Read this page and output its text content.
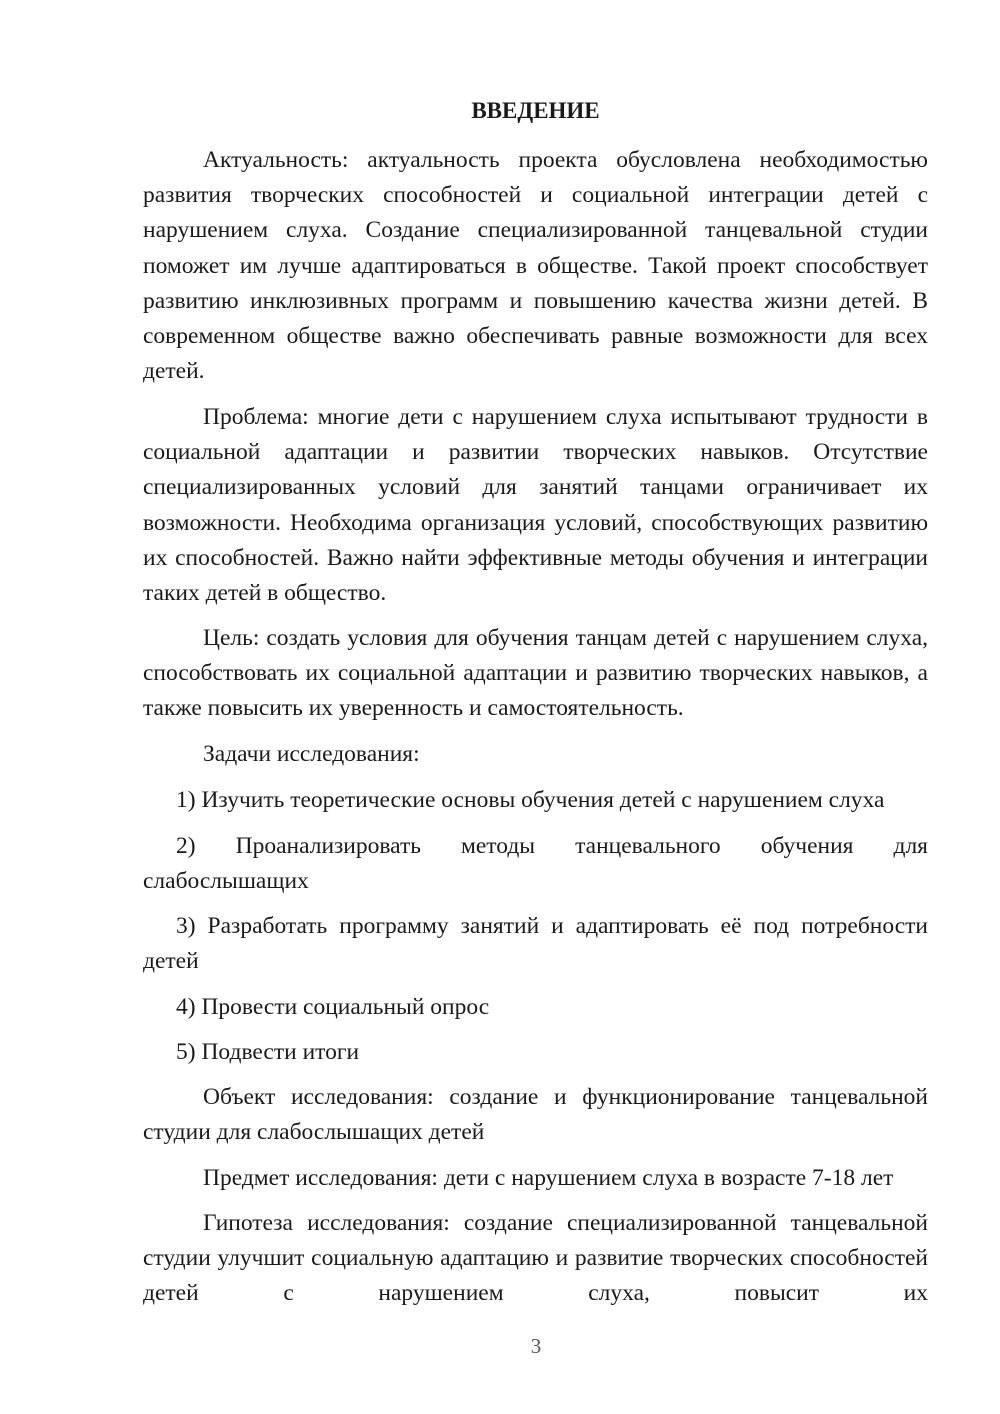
ВВЕДЕНИЕ

Актуальность: актуальность проекта обусловлена необходимостью развития творческих способностей и социальной интеграции детей с нарушением слуха. Создание специализированной танцевальной студии поможет им лучше адаптироваться в обществе. Такой проект способствует развитию инклюзивных программ и повышению качества жизни детей. В современном обществе важно обеспечивать равные возможности для всех детей.

Проблема: многие дети с нарушением слуха испытывают трудности в социальной адаптации и развитии творческих навыков. Отсутствие специализированных условий для занятий танцами ограничивает их возможности. Необходима организация условий, способствующих развитию их способностей. Важно найти эффективные методы обучения и интеграции таких детей в общество.

Цель: создать условия для обучения танцам детей с нарушением слуха, способствовать их социальной адаптации и развитию творческих навыков, а также повысить их уверенность и самостоятельность.

Задачи исследования:

1) Изучить теоретические основы обучения детей с нарушением слуха

2) Проанализировать методы танцевального обучения для слабослышащих

3) Разработать программу занятий и адаптировать её под потребности детей

4) Провести социальный опрос

5) Подвести итоги

Объект исследования: создание и функционирование танцевальной студии для слабослышащих детей

Предмет исследования: дети с нарушением слуха в возрасте 7-18 лет

Гипотеза исследования: создание специализированной танцевальной студии улучшит социальную адаптацию и развитие творческих способностей детей с нарушением слуха, повысит их

3
